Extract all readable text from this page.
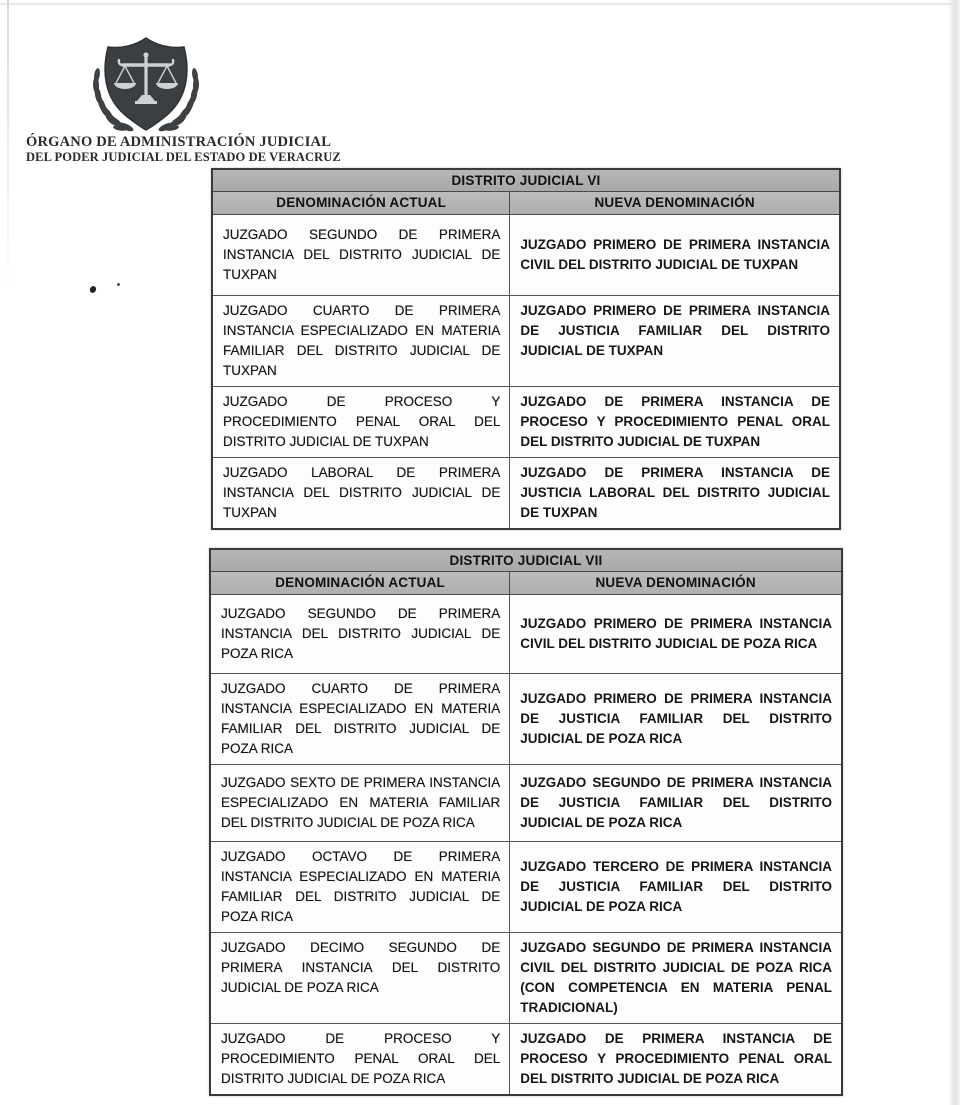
ÓRGANO DE ADMINISTRACIÓN JUDICIAL
DEL PODER JUDICIAL DEL ESTADO DE VERACRUZ
DISTRITO JUDICIAL VI
DENOMINACIÓN ACTUAL	NUEVA DENOMINACIÓN
JUZGADO SEGUNDO DE PRIMERA INSTANCIA DEL DISTRITO JUDICIAL DE TUXPAN
JUZGADO PRIMERO DE PRIMERA INSTANCIA CIVIL DEL DISTRITO JUDICIAL DE TUXPAN
JUZGADO CUARTO DE PRIMERA INSTANCIA ESPECIALIZADO EN MATERIA FAMILIAR DEL DISTRITO JUDICIAL DE TUXPAN
JUZGADO PRIMERO DE PRIMERA INSTANCIA DE JUSTICIA FAMILIAR DEL DISTRITO JUDICIAL DE TUXPAN
JUZGADO DE PROCESO Y PROCEDIMIENTO PENAL ORAL DEL DISTRITO JUDICIAL DE TUXPAN
JUZGADO DE PRIMERA INSTANCIA DE PROCESO Y PROCEDIMIENTO PENAL ORAL DEL DISTRITO JUDICIAL DE TUXPAN
JUZGADO LABORAL DE PRIMERA INSTANCIA DEL DISTRITO JUDICIAL DE TUXPAN
JUZGADO DE PRIMERA INSTANCIA DE JUSTICIA LABORAL DEL DISTRITO JUDICIAL DE TUXPAN
DISTRITO JUDICIAL VII
DENOMINACIÓN ACTUAL	NUEVA DENOMINACIÓN
JUZGADO SEGUNDO DE PRIMERA INSTANCIA DEL DISTRITO JUDICIAL DE POZA RICA
JUZGADO PRIMERO DE PRIMERA INSTANCIA CIVIL DEL DISTRITO JUDICIAL DE POZA RICA
JUZGADO CUARTO DE PRIMERA INSTANCIA ESPECIALIZADO EN MATERIA FAMILIAR DEL DISTRITO JUDICIAL DE POZA RICA
JUZGADO PRIMERO DE PRIMERA INSTANCIA DE JUSTICIA FAMILIAR DEL DISTRITO JUDICIAL DE POZA RICA
JUZGADO SEXTO DE PRIMERA INSTANCIA ESPECIALIZADO EN MATERIA FAMILIAR DEL DISTRITO JUDICIAL DE POZA RICA
JUZGADO SEGUNDO DE PRIMERA INSTANCIA DE JUSTICIA FAMILIAR DEL DISTRITO JUDICIAL DE POZA RICA
JUZGADO OCTAVO DE PRIMERA INSTANCIA ESPECIALIZADO EN MATERIA FAMILIAR DEL DISTRITO JUDICIAL DE POZA RICA
JUZGADO TERCERO DE PRIMERA INSTANCIA DE JUSTICIA FAMILIAR DEL DISTRITO JUDICIAL DE POZA RICA
JUZGADO DECIMO SEGUNDO DE PRIMERA INSTANCIA DEL DISTRITO JUDICIAL DE POZA RICA
JUZGADO SEGUNDO DE PRIMERA INSTANCIA CIVIL DEL DISTRITO JUDICIAL DE POZA RICA (CON COMPETENCIA EN MATERIA PENAL TRADICIONAL)
JUZGADO DE PROCESO Y PROCEDIMIENTO PENAL ORAL DEL DISTRITO JUDICIAL DE POZA RICA
JUZGADO DE PRIMERA INSTANCIA DE PROCESO Y PROCEDIMIENTO PENAL ORAL DEL DISTRITO JUDICIAL DE POZA RICA
